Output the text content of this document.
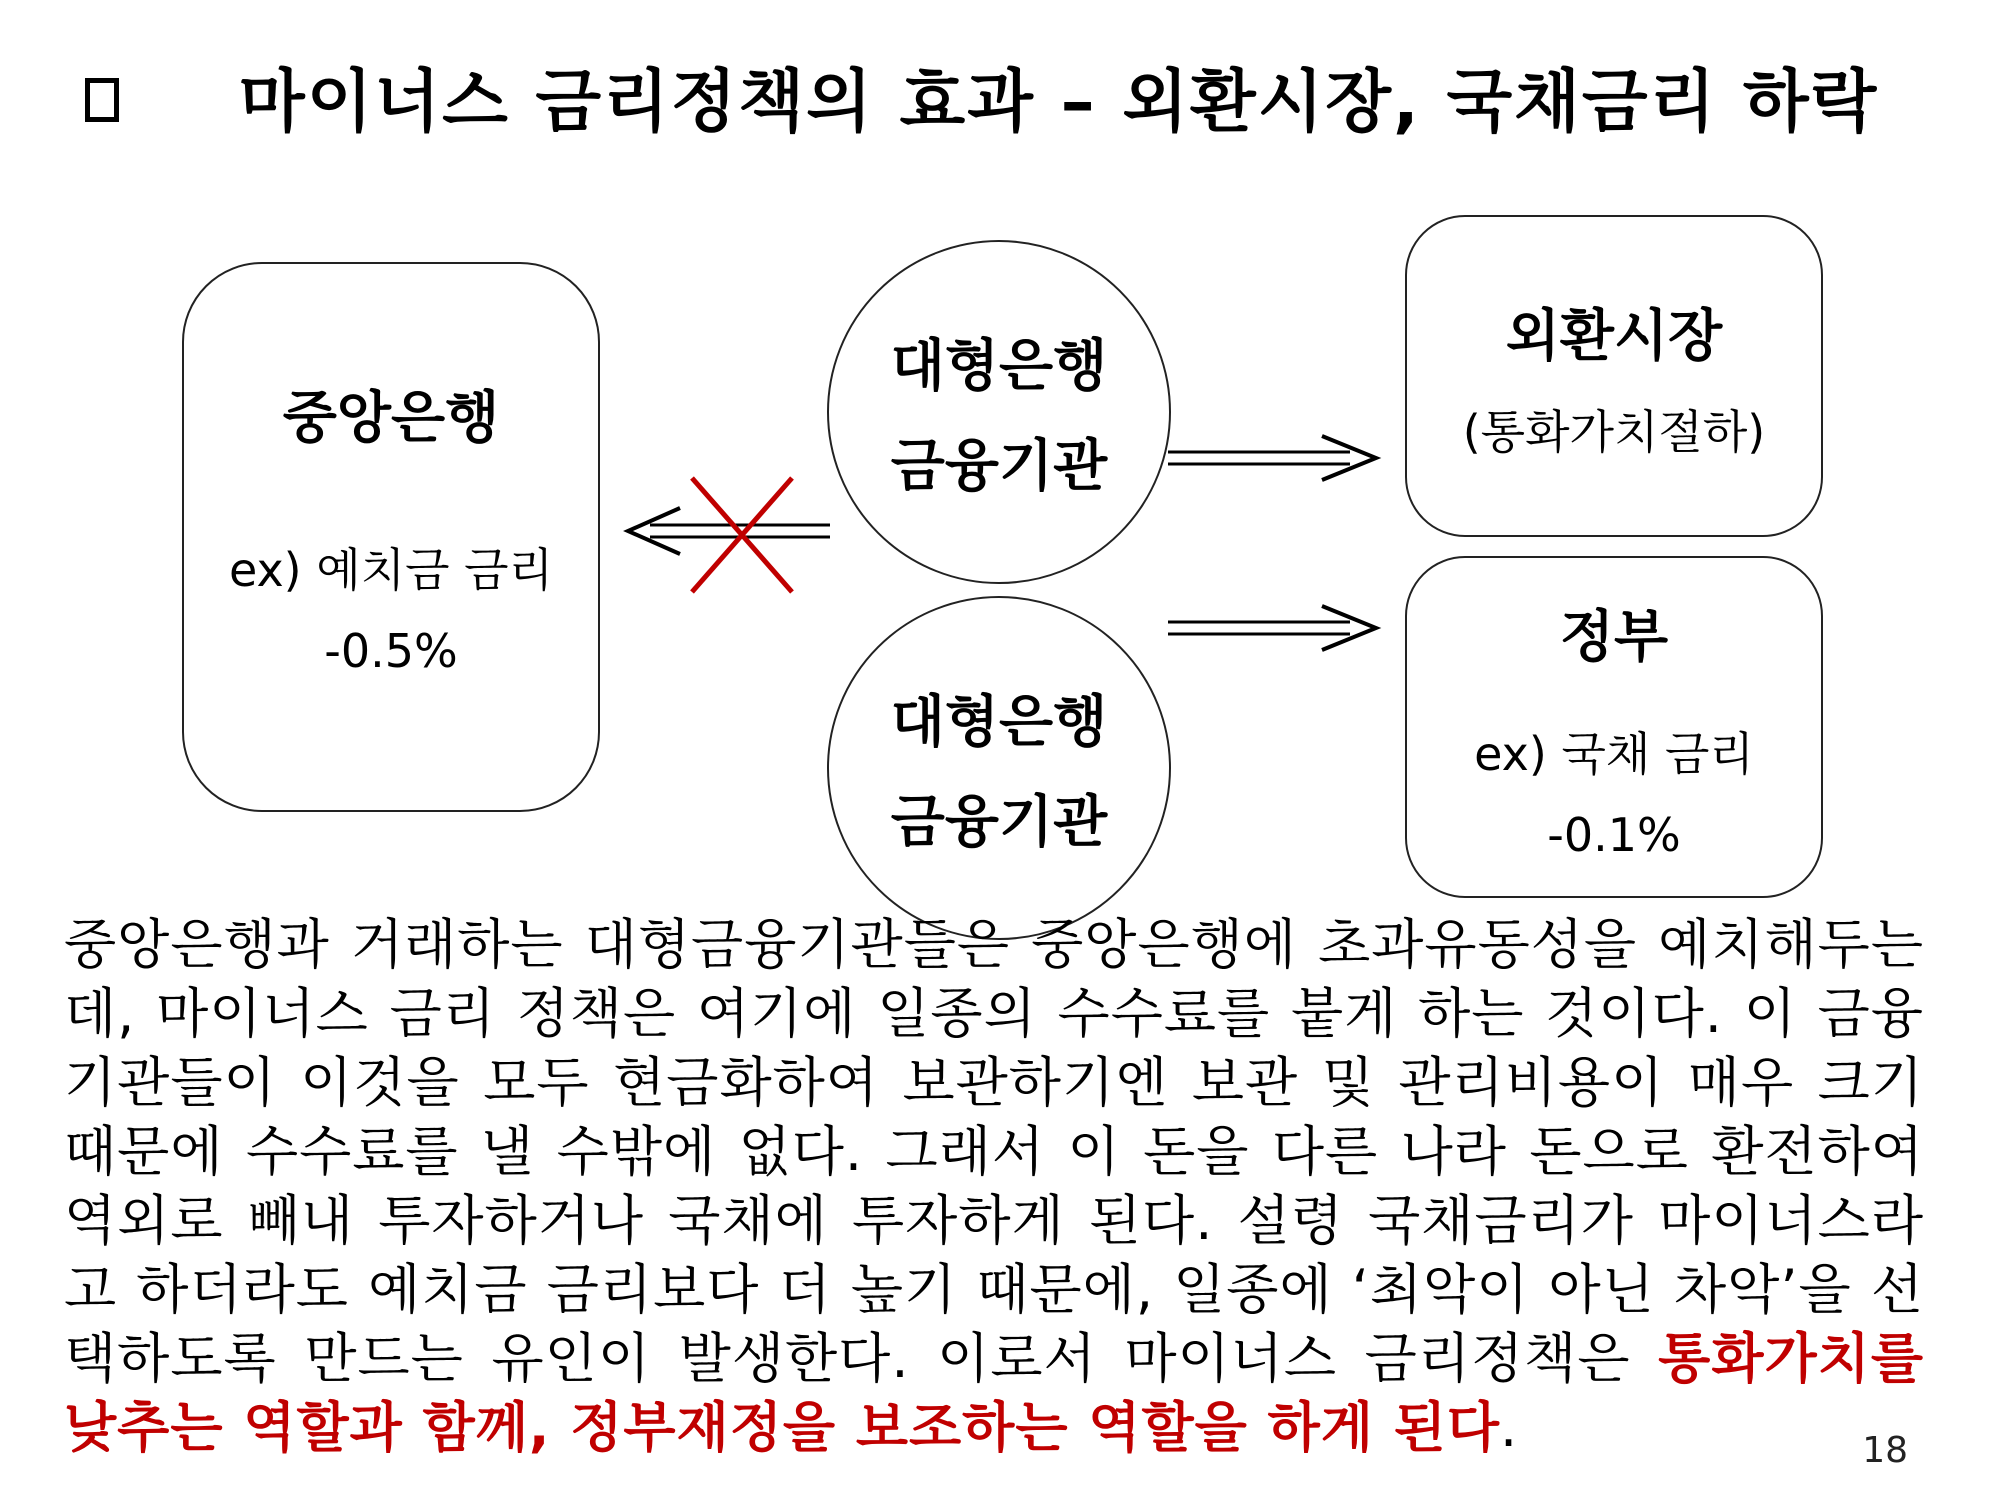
마이너스 금리정책의 효과 – 외환시장, 국채금리 하락
중앙은행
ex) 예치금 금리
-0.5%
대형은행
금융기관
대형은행
금융기관
외환시장
(통화가치절하)
정부
ex) 국채 금리
-0.1%
중앙은행과 거래하는 대형금융기관들은 중앙은행에 초과유동성을 예치해두는데, 마이너스 금리 정책은 여기에 일종의 수수료를 붙게 하는 것이다. 이 금융기관들이 이것을 모두 현금화하여 보관하기엔 보관 및 관리비용이 매우 크기 때문에 수수료를 낼 수밖에 없다. 그래서 이 돈을 다른 나라 돈으로 환전하여 역외로 빼내 투자하거나 국채에 투자하게 된다. 설령 국채금리가 마이너스라고 하더라도 예치금 금리보다 더 높기 때문에, 일종에 ‘최악이 아닌 차악’을 선택하도록 만드는 유인이 발생한다. 이로서 마이너스 금리정책은 통화가치를 낮추는 역할과 함께, 정부재정을 보조하는 역할을 하게 된다.	18
